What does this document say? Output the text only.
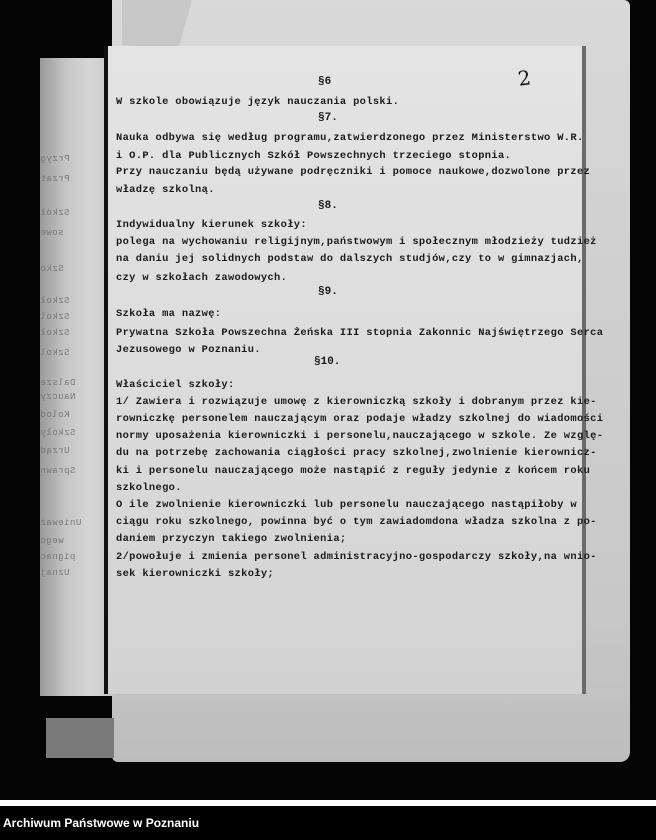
Przyg
Przat
Szkół
sowe
Szkó
Szkoł
Szkol
Szkoł
Szkol
Dalsze
Nauczy
Kolod
Szkoły
Urząd
Sprawn
Unieważ
wego
pignac
Uznaj
2
§6
W szkole obowiązuje język nauczania polski.
§7.
Nauka odbywa się według programu,zatwierdzonego przez Ministerstwo W.R.
i O.P. dla Publicznych Szkół Powszechnych trzeciego stopnia.
Przy nauczaniu będą używane podręczniki i pomoce naukowe,dozwolone przez
władzę szkolną.
§8.
Indywidualny kierunek szkoły:
polega na wychowaniu religijnym,państwowym i społecznym młodzieży tudzież
na daniu jej solidnych podstaw do dalszych studjów,czy to w gimnazjach,
czy w szkołach zawodowych.
§9.
Szkoła ma nazwę:
Prywatna Szkoła Powszechna Żeńska III stopnia Zakonnic Najświętrzego Serca
Jezusowego w Poznaniu.
§10.
Właściciel szkoły:
1/ Zawiera i rozwiązuje umowę z kierowniczką szkoły i dobranym przez kie-
rowniczkę personelem nauczającym oraz podaje władzy szkolnej do wiadomości
normy uposażenia kierowniczki i personelu,nauczającego w szkole. Ze wzglę-
du na potrzebę zachowania ciągłości pracy szkolnej,zwolnienie kierownicz-
ki i personelu nauczającego może nastąpić z reguły jedynie z końcem roku
szkolnego.
O ile zwolnienie kierowniczki lub personelu nauczającego nastąpiłoby w
ciągu roku szkolnego, powinna być o tym zawiadomdona władza szkolna z po-
daniem przyczyn takiego zwolnienia;
2/powołuje i zmienia personel administracyjno-gospodarczy szkoły,na wnio-
sek kierowniczki szkoły;
Archiwum Państwowe w Poznaniu
